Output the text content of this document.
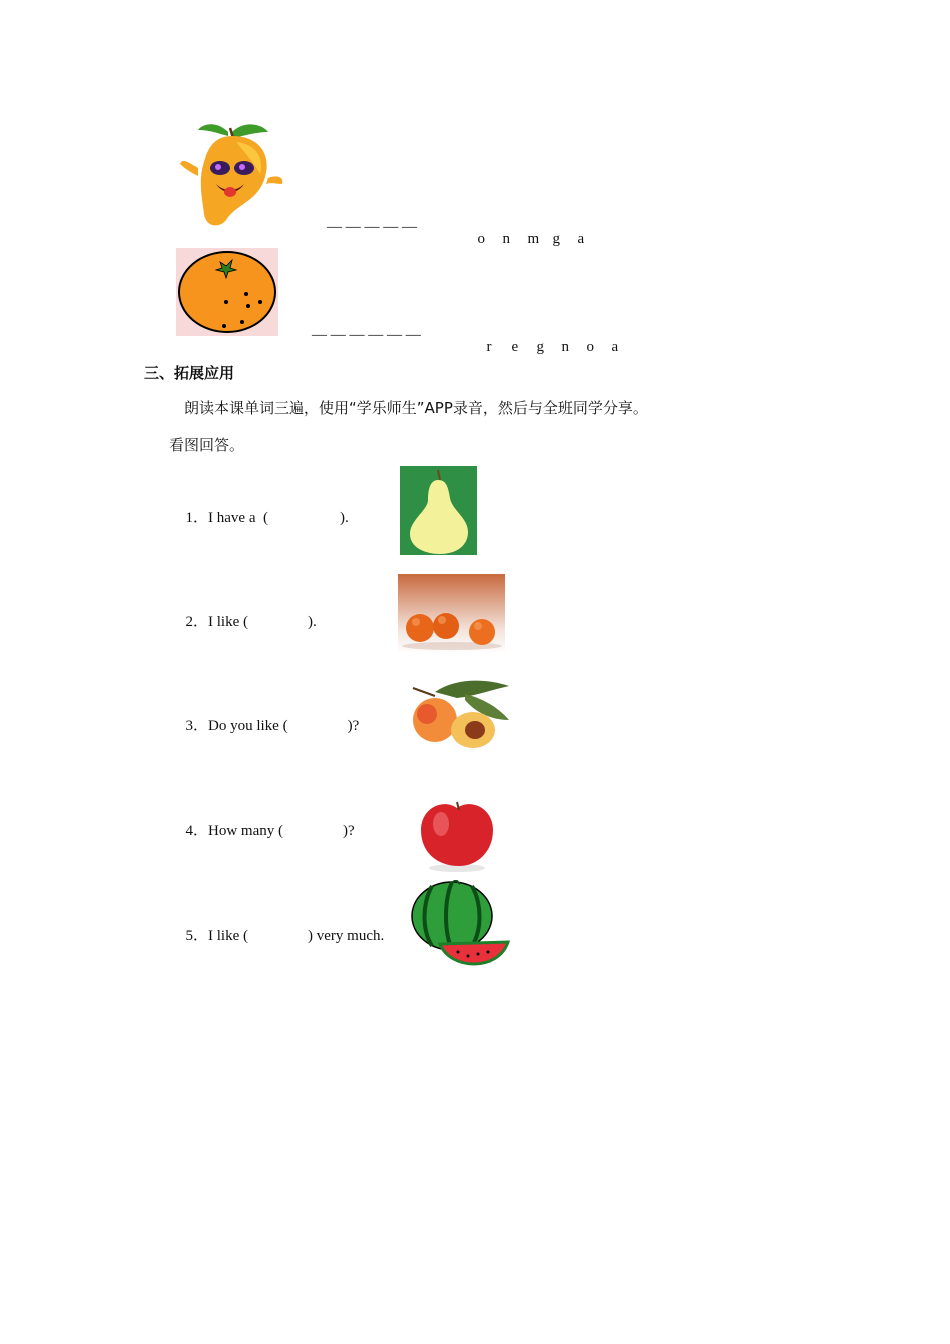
__ __ __ __ __

o n m g a

__ __ __ __ __ __

r e g n o a

三、拓展应用
朗读本课单词三遍，使用“学乐师生”APP录音，然后与全班同学分享。
看图回答。

1．I have a  (	).

2．I like (	).

3．Do you like (	)?

4．How many (	)?

5．I like (	) very much.
